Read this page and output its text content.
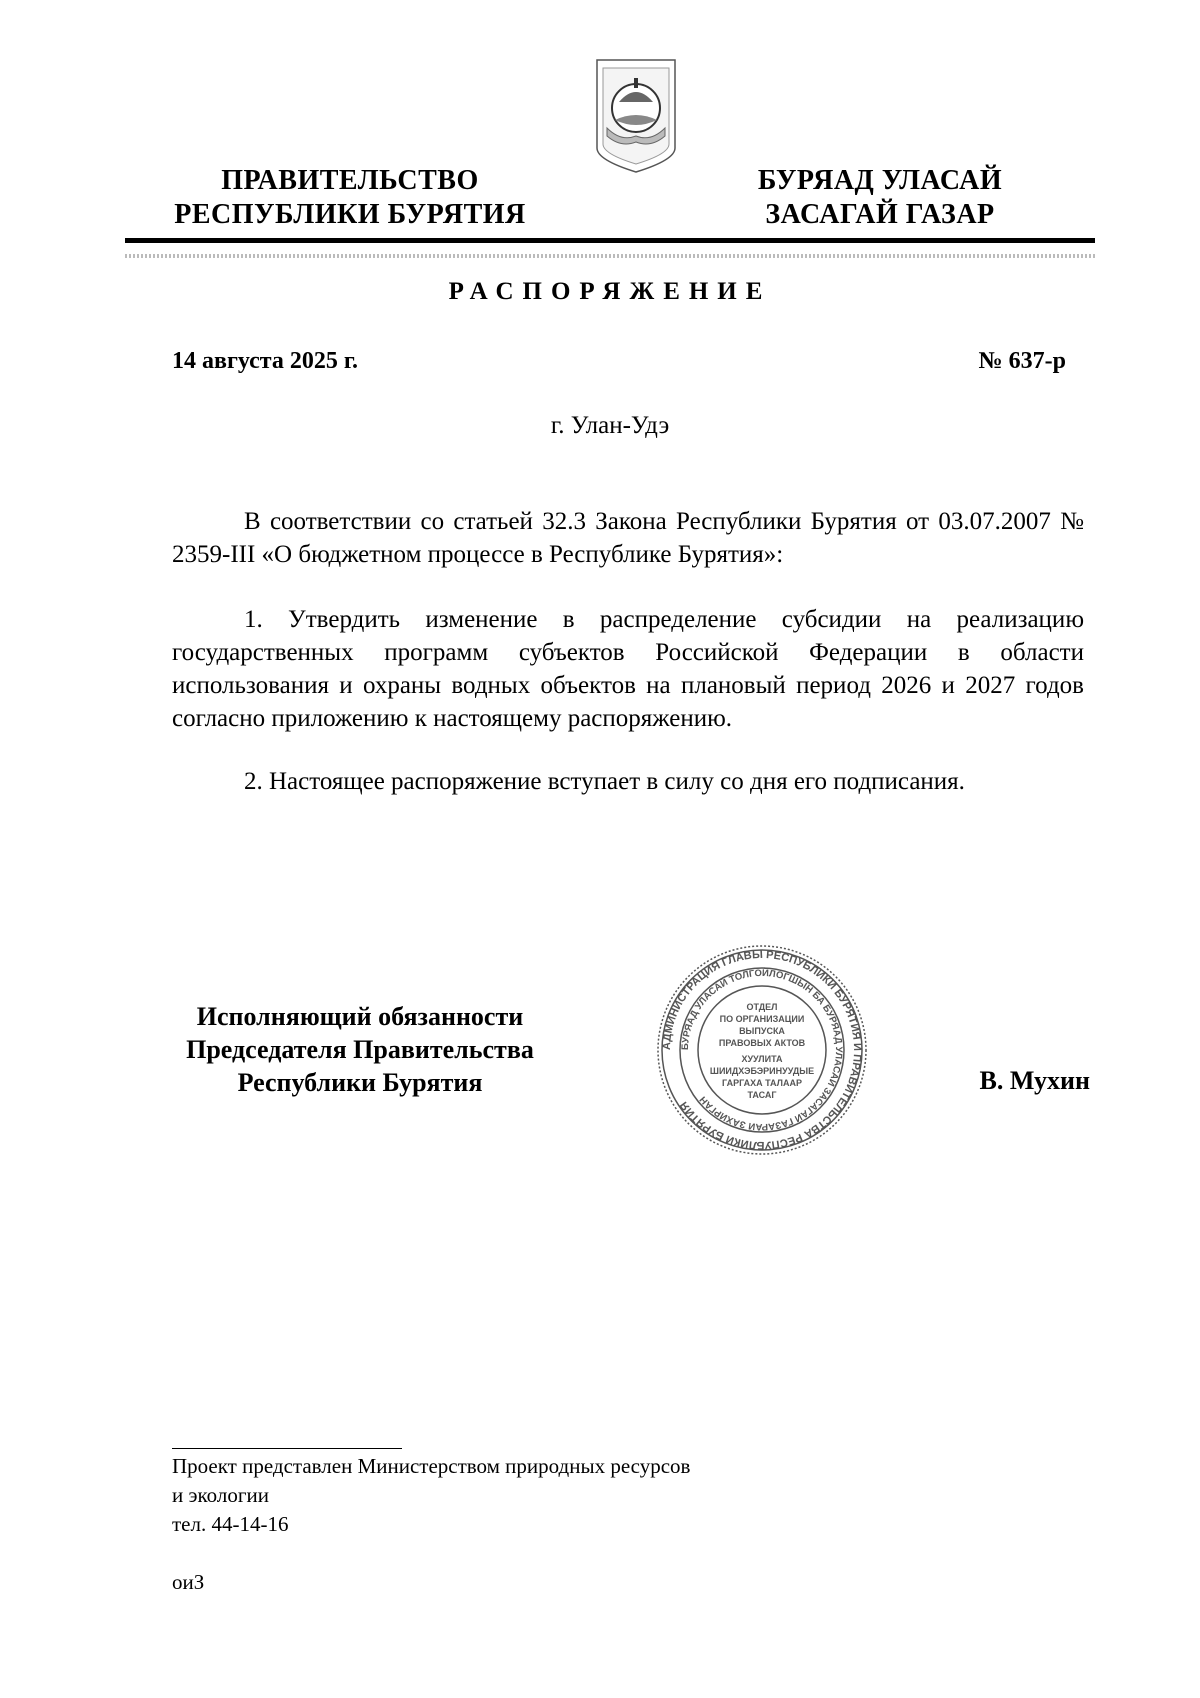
ПРАВИТЕЛЬСТВО
РЕСПУБЛИКИ БУРЯТИЯ
БУРЯАД УЛАСАЙ
ЗАСАГАЙ ГАЗАР
РАСПОРЯЖЕНИЕ
14 августа 2025 г.	№ 637-р
г. Улан-Удэ

В соответствии со статьей 32.3 Закона Республики Бурятия от 03.07.2007 № 2359-III «О бюджетном процессе в Республике Бурятия»:

1. Утвердить изменение в распределение субсидии на реализацию государственных программ субъектов Российской Федерации в области использования и охраны водных объектов на плановый период 2026 и 2027 годов согласно приложению к настоящему распоряжению.

2. Настоящее распоряжение вступает в силу со дня его подписания.

Исполняющий обязанности
Председателя Правительства
Республики Бурятия
АДМИНИСТРАЦИЯ ГЛАВЫ РЕСПУБЛИКИ БУРЯТИЯ И ПРАВИТЕЛЬСТВА РЕСПУБЛИКИ БУРЯТИЯ
БУРЯАД УЛАСАЙ ТОЛГОЙЛОГШЫН БА БУРЯАД УЛАСАЙ ЗАСАГАЙ ГАЗАРАЙ ЗАХИРГАН
ОТДЕЛ
ПО ОРГАНИЗАЦИИ
ВЫПУСКА
ПРАВОВЫХ АКТОВ
ХУУЛИТА
ШИИДХЭБЭРИНУУДЫЕ
ГАРГАХА ТАЛААР
ТАСАГ	В. Мухин
Проект представлен Министерством природных ресурсов
и экологии
тел. 44-14-16
оиЗ
